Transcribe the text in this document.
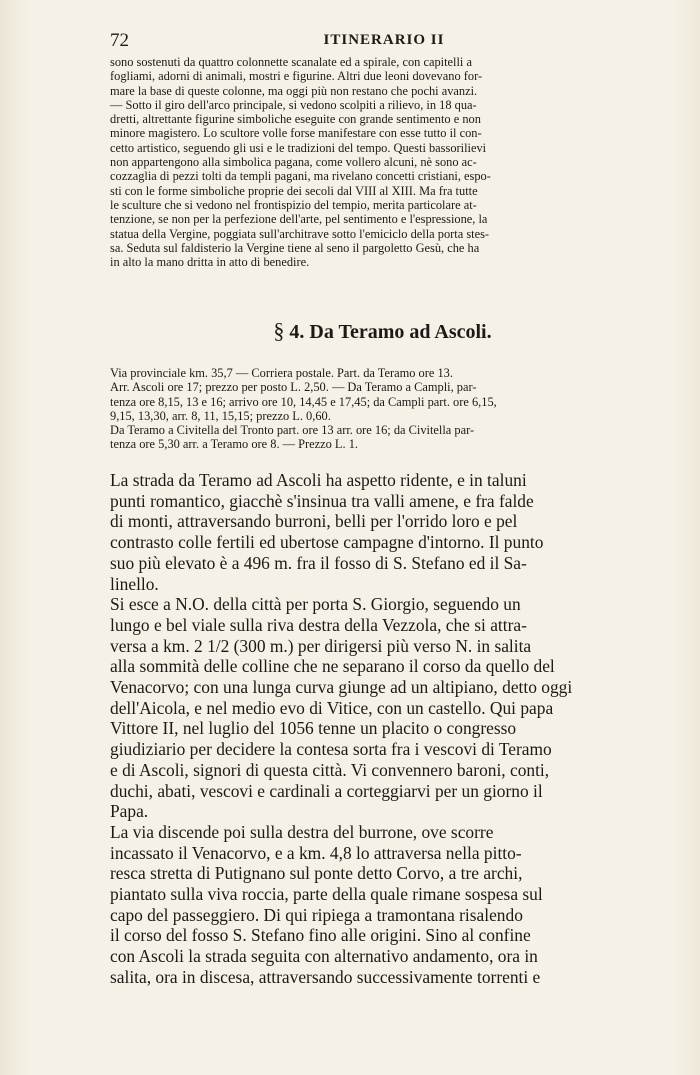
72	ITINERARIO II
sono sostenuti da quattro colonnette scanalate ed a spirale, con capitelli a
fogliami, adorni di animali, mostri e figurine. Altri due leoni dovevano for-
mare la base di queste colonne, ma oggi più non restano che pochi avanzi.
— Sotto il giro dell'arco principale, si vedono scolpiti a rilievo, in 18 qua-
dretti, altrettante figurine simboliche eseguite con grande sentimento e non
minore magistero. Lo scultore volle forse manifestare con esse tutto il con-
cetto artistico, seguendo gli usi e le tradizioni del tempo. Questi bassorilievi
non appartengono alla simbolica pagana, come vollero alcuni, nè sono ac-
cozzaglia di pezzi tolti da templi pagani, ma rivelano concetti cristiani, espo-
sti con le forme simboliche proprie dei secoli dal VIII al XIII. Ma fra tutte
le sculture che si vedono nel frontispizio del tempio, merita particolare at-
tenzione, se non per la perfezione dell'arte, pel sentimento e l'espressione, la
statua della Vergine, poggiata sull'architrave sotto l'emiciclo della porta stes-
sa. Seduta sul faldisterio la Vergine tiene al seno il pargoletto Gesù, che ha
in alto la mano dritta in atto di benedire.
§ 4. Da Teramo ad Ascoli.
Via provinciale km. 35,7 — Corriera postale. Part. da Teramo ore 13.
Arr. Ascoli ore 17; prezzo per posto L. 2,50. — Da Teramo a Campli, par-
tenza ore 8,15, 13 e 16; arrivo ore 10, 14,45 e 17,45; da Campli part. ore 6,15,
9,15, 13,30, arr. 8, 11, 15,15; prezzo L. 0,60.
Da Teramo a Civitella del Tronto part. ore 13 arr. ore 16; da Civitella par-
tenza ore 5,30 arr. a Teramo ore 8. — Prezzo L. 1.

La strada da Teramo ad Ascoli ha aspetto ridente, e in taluni
punti romantico, giacchè s'insinua tra valli amene, e fra falde
di monti, attraversando burroni, belli per l'orrido loro e pel
contrasto colle fertili ed ubertose campagne d'intorno. Il punto
suo più elevato è a 496 m. fra il fosso di S. Stefano ed il Sa-
linello.

Si esce a N.O. della città per porta S. Giorgio, seguendo un
lungo e bel viale sulla riva destra della Vezzola, che si attra-
versa a km. 2 1/2 (300 m.) per dirigersi più verso N. in salita
alla sommità delle colline che ne separano il corso da quello del
Venacorvo; con una lunga curva giunge ad un altipiano, detto oggi
dell'Aicola, e nel medio evo di Vitice, con un castello. Qui papa
Vittore II, nel luglio del 1056 tenne un placito o congresso
giudiziario per decidere la contesa sorta fra i vescovi di Teramo
e di Ascoli, signori di questa città. Vi convennero baroni, conti,
duchi, abati, vescovi e cardinali a corteggiarvi per un giorno il
Papa.

La via discende poi sulla destra del burrone, ove scorre
incassato il Venacorvo, e a km. 4,8 lo attraversa nella pitto-
resca stretta di Putignano sul ponte detto Corvo, a tre archi,
piantato sulla viva roccia, parte della quale rimane sospesa sul
capo del passeggiero. Di qui ripiega a tramontana risalendo
il corso del fosso S. Stefano fino alle origini. Sino al confine
con Ascoli la strada seguita con alternativo andamento, ora in
salita, ora in discesa, attraversando successivamente torrenti e
